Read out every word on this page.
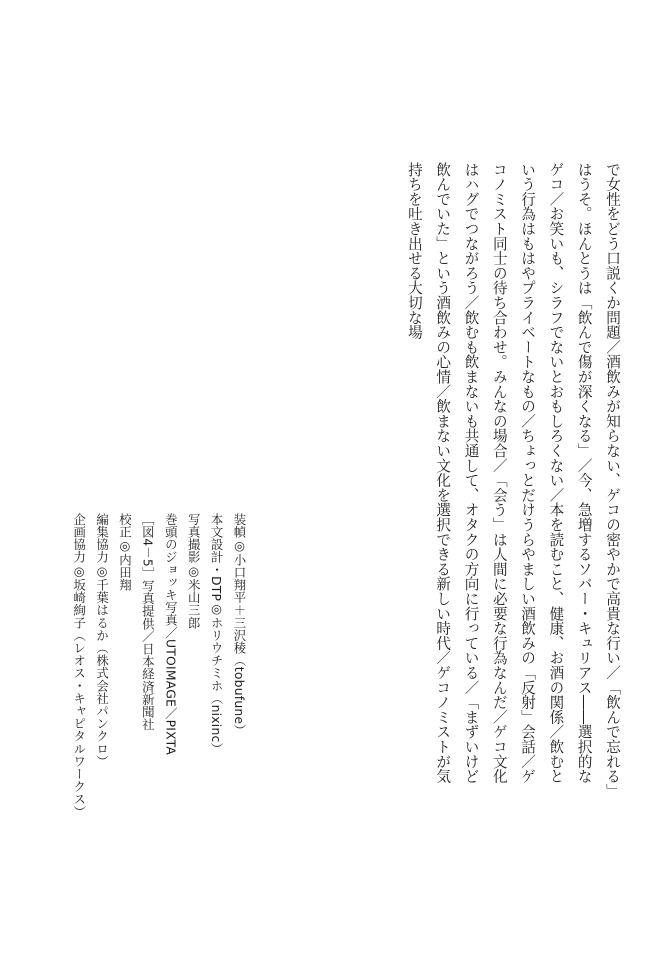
で女性をどう口説くか問題／酒飲みが知らない、ゲコの密やかで高貴な行い／「飲んで忘れる」
はうそ。ほんとうは「飲んで傷が深くなる」／今、急増するソバー・キュリアス――選択的な
ゲコ／お笑いも、シラフでないとおもしろくない／本を読むこと、健康、お酒の関係／飲むと
いう行為はもはやプライベートなもの／ちょっとだけうらやましい酒飲みの「反射」会話／ゲ
コノミスト同士の待ち合わせ。みんなの場合／「会う」は人間に必要な行為なんだ／ゲコ文化
はハグでつながろう／飲むも飲まないも共通して、オタクの方向に行っている／「まずいけど
飲んでいた」という酒飲みの心情／飲まない文化を選択できる新しい時代／ゲコノミストが気
持ちを吐き出せる大切な場
装幀◎小口翔平＋三沢稜（tobufune）
本文設計・DTP◎ホリウチミホ（nixinc）
写真撮影◎米山三郎
巻頭のジョッキ写真／UTOIMAGE／PIXTA
［図4－5］写真提供／日本経済新聞社
校正◎内田翔
編集協力◎千葉はるか（株式会社パンクロ）
企画協力◎坂崎絢子（レオス・キャピタルワークス）
